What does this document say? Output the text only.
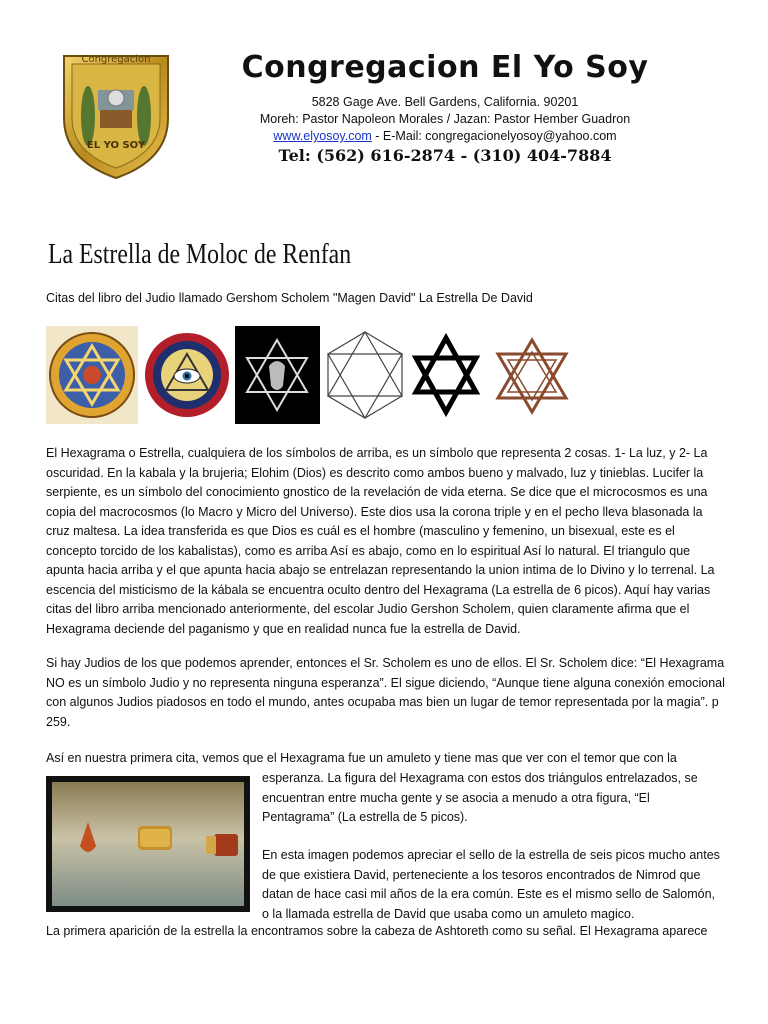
Congregacion
EL YO SOY
Congregacion El Yo Soy
5828 Gage Ave. Bell Gardens, California. 90201
Moreh: Pastor Napoleon Morales / Jazan: Pastor Hember Guadron
www.elyosoy.com - E-Mail: congregacionelyosoy@yahoo.com
Tel: (562) 616-2874 - (310) 404-7884
La Estrella de Moloc de Renfan
Citas del libro del Judio llamado Gershom Scholem "Magen David" La Estrella De David
El Hexagrama o Estrella, cualquiera de los símbolos de arriba, es un símbolo que representa 2 cosas. 1- La luz, y 2- La oscuridad. En la kabala y la brujeria; Elohim (Dios) es descrito como ambos bueno y malvado, luz y tinieblas. Lucifer la serpiente, es un símbolo del conocimiento gnostico de la revelación de vida eterna. Se dice que el microcosmos es una copia del macrocosmos (lo Macro y Micro del Universo). Este dios usa la corona triple y en el pecho lleva blasonada la cruz maltesa. La idea transferida es que Dios es cuál es el hombre (masculino y femenino, un bisexual, este es el concepto torcido de los kabalistas), como es arriba Así es abajo, como en lo espiritual Así lo natural. El triangulo que apunta hacia arriba y el que apunta hacia abajo se entrelazan representando la union intima de lo Divino y lo terrenal. La escencia del misticismo de la kábala se encuentra oculto dentro del Hexagrama (La estrella de 6 picos). Aquí hay varias citas del libro arriba mencionado anteriormente, del escolar Judio Gershon Scholem, quien claramente afirma que el Hexagrama deciende del paganismo y que en realidad nunca fue la estrella de David.
Si hay Judios de los que podemos aprender, entonces el Sr. Scholem es uno de ellos. El Sr. Scholem dice: “El Hexagrama NO es un símbolo Judio y no representa ninguna esperanza”. El sigue diciendo, “Aunque tiene alguna conexión emocional con algunos Judios piadosos en todo el mundo, antes ocupaba mas bien un lugar de temor representada por la magia”. p 259.
Así en nuestra primera cita, vemos que el Hexagrama fue un amuleto y tiene mas que ver con el temor que con la
esperanza. La figura del Hexagrama con estos dos triángulos entrelazados, se encuentran entre mucha gente y se asocia a menudo a otra figura, “El Pentagrama” (La estrella de 5 picos).
En esta imagen podemos apreciar el sello de la estrella de seis picos mucho antes de que existiera David, perteneciente a los tesoros encontrados de Nimrod que datan de hace casi mil años de la era común. Este es el mismo sello de Salomón, o la llamada estrella de David que usaba como un amuleto magico.
La primera aparición de la estrella la encontramos sobre la cabeza de Ashtoreth como su señal. El Hexagrama aparece
